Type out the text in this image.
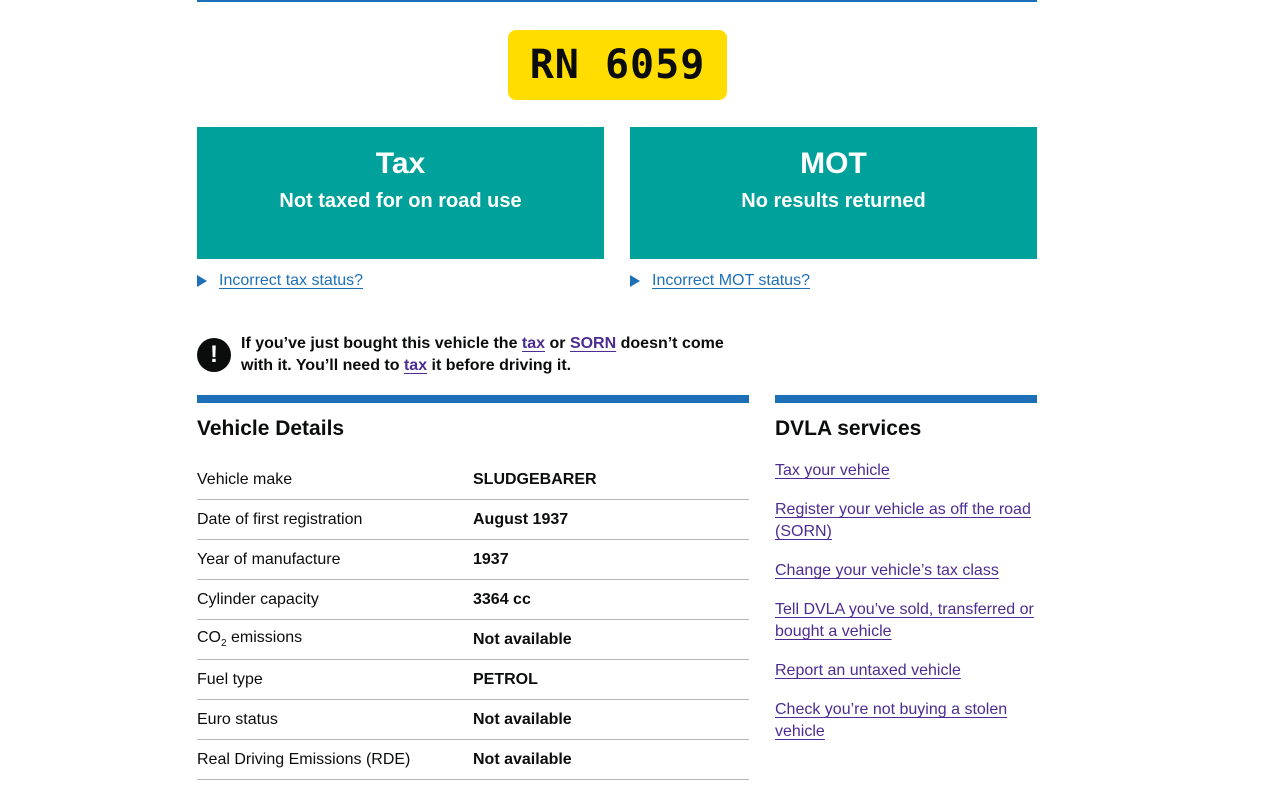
RN 6059
Tax
Not taxed for on road use
MOT
No results returned
Incorrect tax status?	Incorrect MOT status?
!	If you’ve just bought this vehicle the tax or SORN doesn’t come with it. You’ll need to tax it before driving it.
Vehicle Details	DVLA services
Vehicle make	SLUDGEBARER
Date of first registration	August 1937
Year of manufacture	1937
Cylinder capacity	3364 cc
$CO_2$ emissions	Not available
Fuel type	PETROL
Euro status	Not available
Real Driving Emissions (RDE)	Not available
Tax your vehicle
Register your vehicle as off the road (SORN)
Change your vehicle’s tax class
Tell DVLA you’ve sold, transferred or bought a vehicle
Report an untaxed vehicle
Check you’re not buying a stolen vehicle
